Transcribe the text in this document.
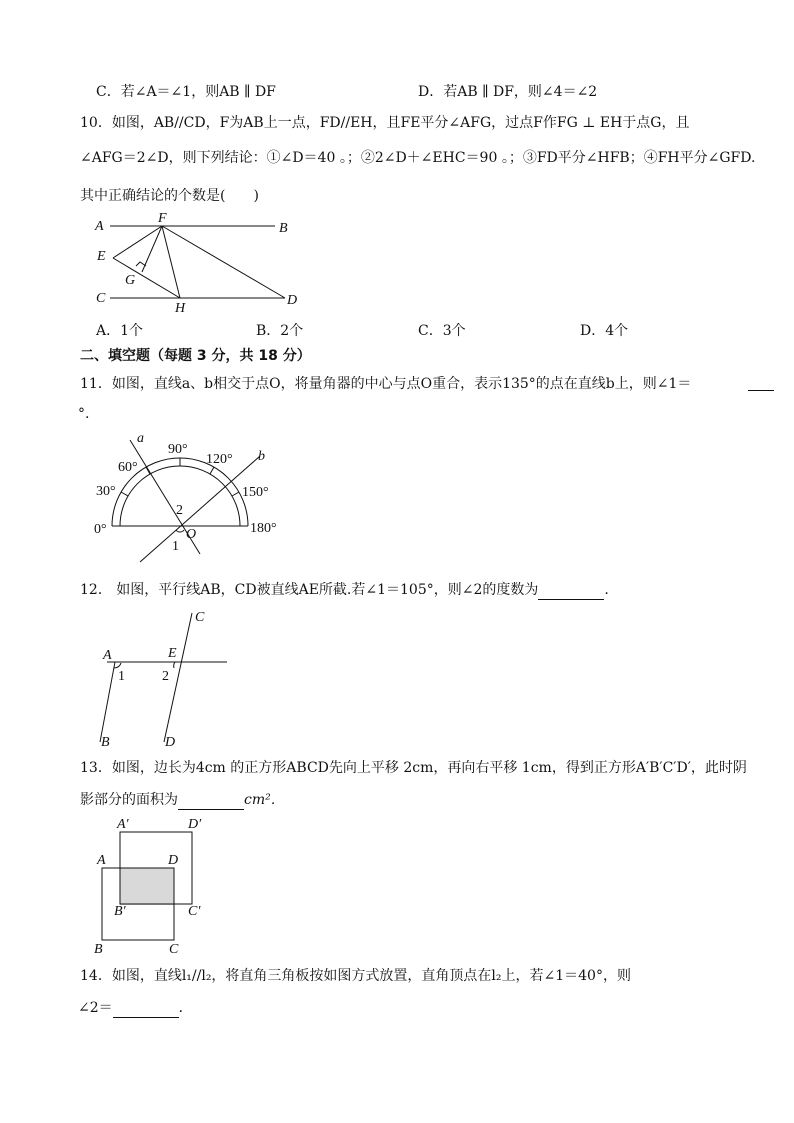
C．若∠A＝∠1，则AB ∥ DF	D．若AB ∥ DF，则∠4＝∠2
10．如图，AB//CD，F为AB上一点，FD//EH，且FE平分∠AFG，过点F作FG ⊥ EH于点G，且
∠AFG＝2∠D，则下列结论：①∠D＝40 。；②2∠D＋∠EHC＝90 。；③FD平分∠HFB；④FH平分∠GFD.
其中正确结论的个数是(　　)
A
F
B
E
G
C
H
D
A．1个	B．2个	C．3个	D．4个
二、填空题（每题 3 分，共 18 分）
11．如图，直线a、b相交于点O，将量角器的中心与点O重合，表示135°的点在直线b上，则∠1＝
°.
a
b
90°
120°
60°
30°	150°
0°	180°
2
O
1
12． 如图，平行线AB，CD被直线AE所截.若∠1＝105°，则∠2的度数为	.
C
A	E
1	2
B	D
13．如图，边长为4cm 的正方形ABCD先向上平移 2cm，再向右平移 1cm，得到正方形A′B′C′D′，此时阴
影部分的面积为	cm²．
A′	D′
A	D
B′	C′
B	C
14．如图，直线l₁//l₂，将直角三角板按如图方式放置，直角顶点在l₂上，若∠1＝40°，则
∠2＝	．
